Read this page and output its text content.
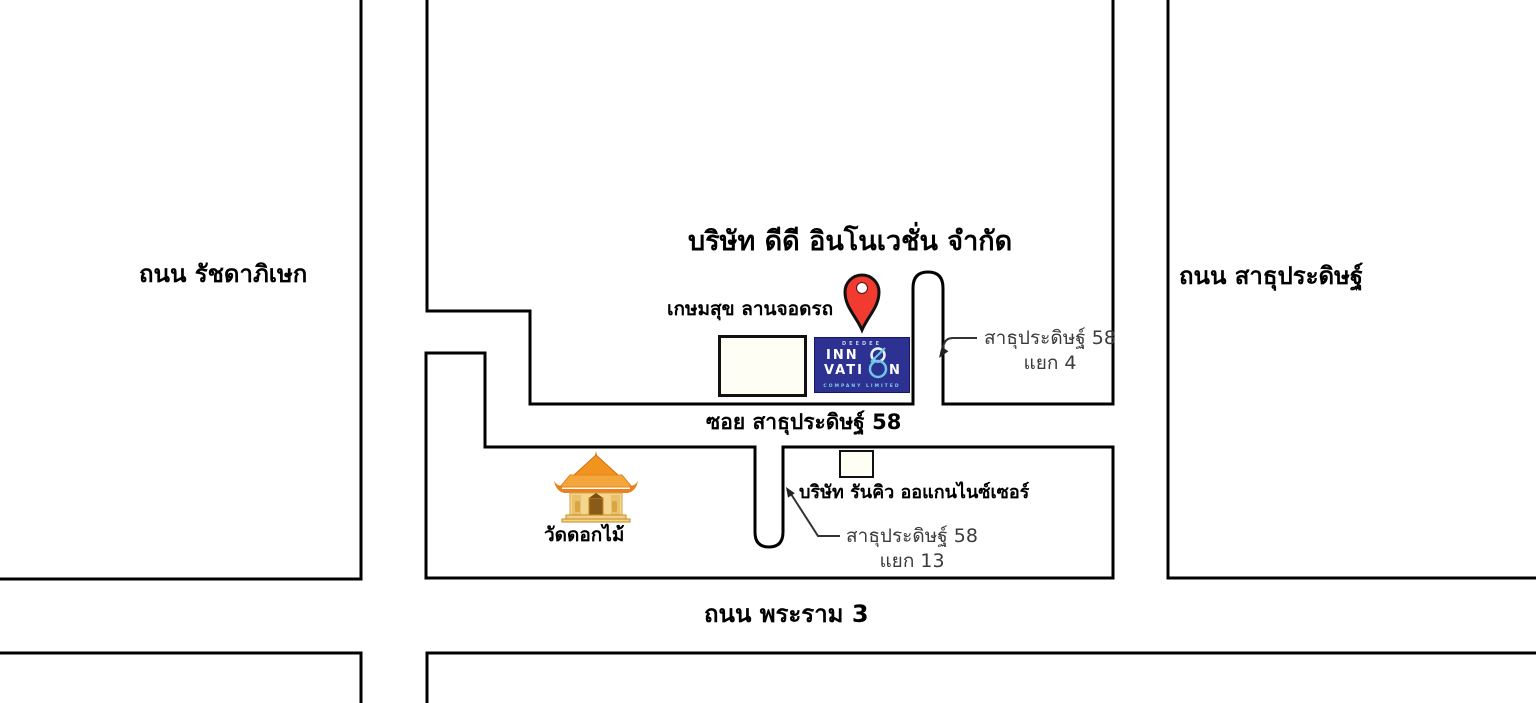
DEEDEE
INN
VATI N
COMPANY LIMITED
บริษัท ดีดี อินโนเวชั่น จำกัด
ถนน รัชดาภิเษก	ถนน สาธุประดิษฐ์
ถนน พระราม 3
ซอย สาธุประดิษฐ์ 58
เกษมสุข ลานจอดรถ
วัดดอกไม้
บริษัท รันคิว ออแกนไนซ์เซอร์
สาธุประดิษฐ์ 58
แยก 4
สาธุประดิษฐ์ 58
แยก 13
